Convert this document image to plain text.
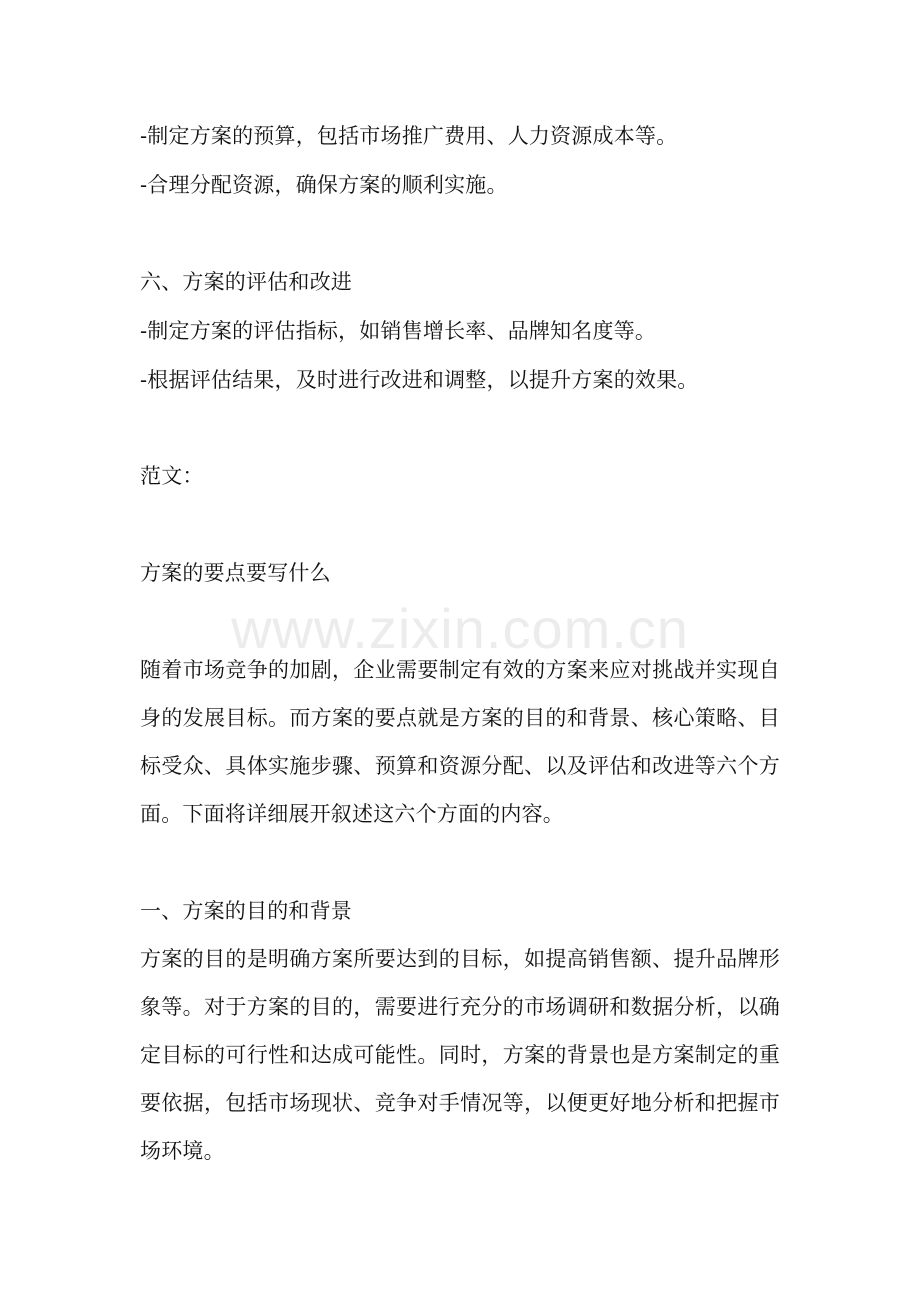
-制定方案的预算，包括市场推广费用、人力资源成本等。
-合理分配资源，确保方案的顺利实施。
六、方案的评估和改进
-制定方案的评估指标，如销售增长率、品牌知名度等。
-根据评估结果，及时进行改进和调整，以提升方案的效果。
范文：
方案的要点要写什么
随着市场竞争的加剧，企业需要制定有效的方案来应对挑战并实现自
身的发展目标。而方案的要点就是方案的目的和背景、核心策略、目
标受众、具体实施步骤、预算和资源分配、以及评估和改进等六个方
面。下面将详细展开叙述这六个方面的内容。
一、方案的目的和背景
方案的目的是明确方案所要达到的目标，如提高销售额、提升品牌形
象等。对于方案的目的，需要进行充分的市场调研和数据分析，以确
定目标的可行性和达成可能性。同时，方案的背景也是方案制定的重
要依据，包括市场现状、竞争对手情况等，以便更好地分析和把握市
场环境。
www.zixin.com.cn
